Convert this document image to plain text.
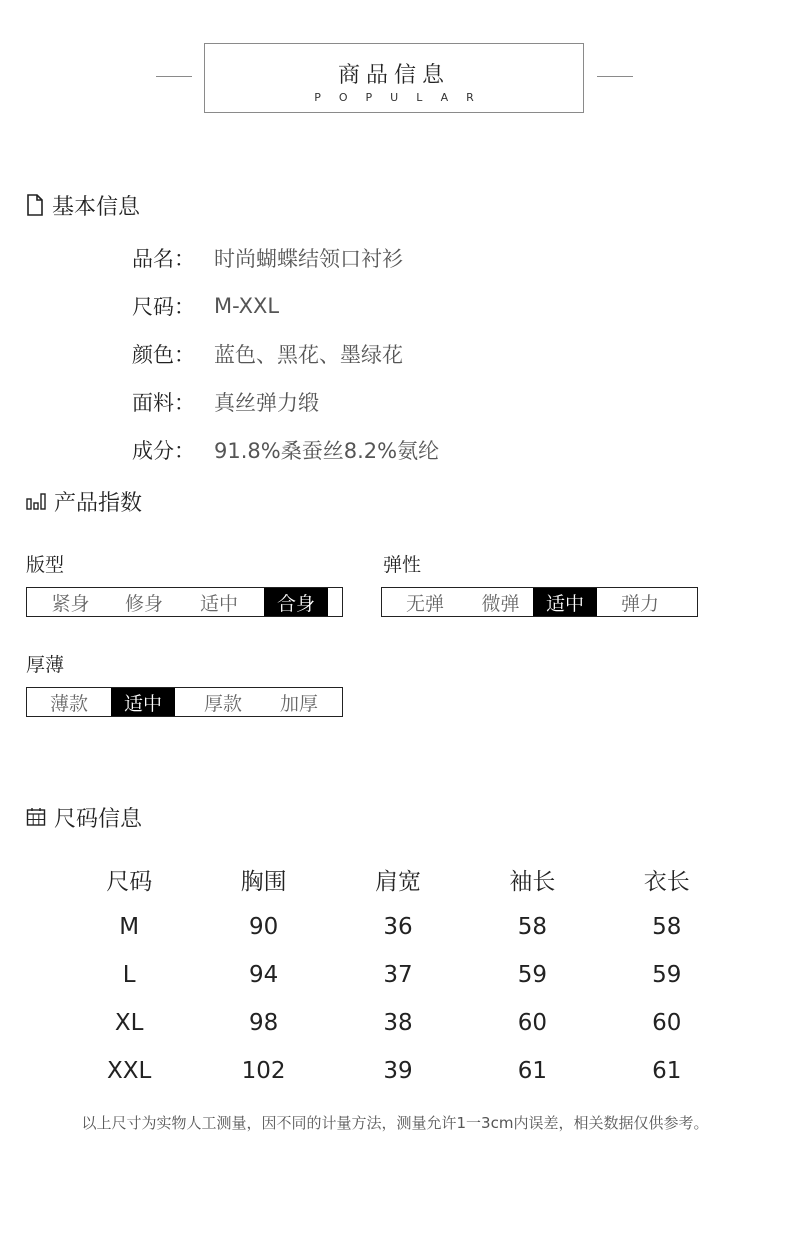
商品信息
POPULAR
基本信息
品名： 时尚蝴蝶结领口衬衫
尺码： M-XXL
颜色： 蓝色、黑花、墨绿花
面料： 真丝弹力缎
成分： 91.8%桑蚕丝8.2%氨纶
产品指数
版型
紧身	修身	适中	合身
弹性
无弹	微弹	适中	弹力
厚薄
薄款	适中	厚款	加厚
尺码信息
尺码	胸围	肩宽	袖长	衣长
M	90	36	58	58
L	94	37	59	59
XL	98	38	60	60
XXL	102	39	61	61
以上尺寸为实物人工测量，因不同的计量方法，测量允许1一3cm内误差，相关数据仅供参考。
